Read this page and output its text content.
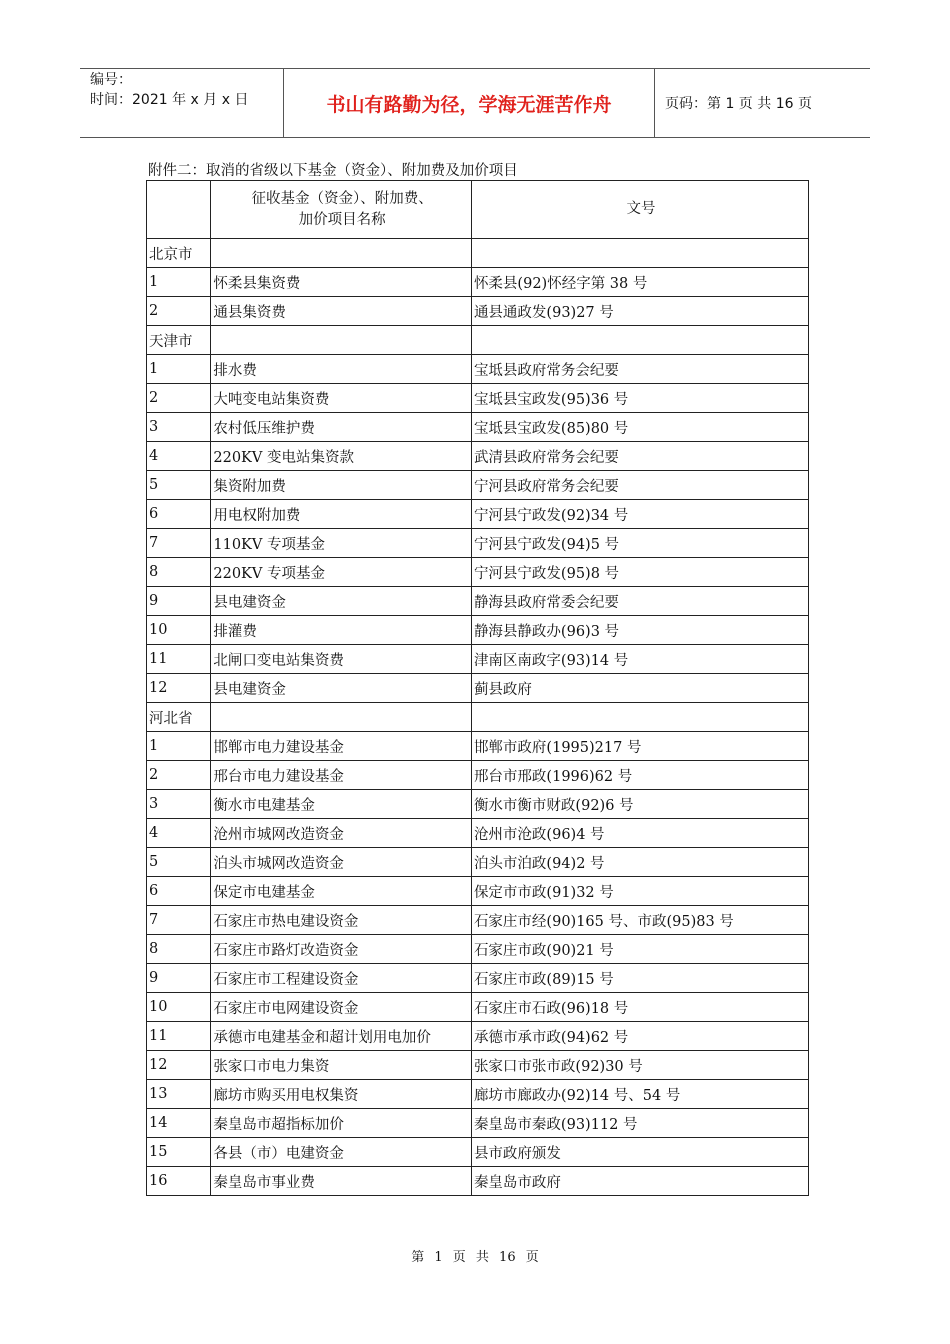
编号：
时间：2021 年 x 月 x 日	书山有路勤为径，学海无涯苦作舟	页码：第 1 页 共 16 页
附件二：取消的省级以下基金（资金）、附加费及加价项目

	征收基金（资金）、附加费、
加价项目名称	文号
北京市		
1	怀柔县集资费	怀柔县(92)怀经字第 38 号
2	通县集资费	通县通政发(93)27 号
天津市		
1	排水费	宝坻县政府常务会纪要
2	大吨变电站集资费	宝坻县宝政发(95)36 号
3	农村低压维护费	宝坻县宝政发(85)80 号
4	220KV 变电站集资款	武清县政府常务会纪要
5	集资附加费	宁河县政府常务会纪要
6	用电权附加费	宁河县宁政发(92)34 号
7	110KV 专项基金	宁河县宁政发(94)5 号
8	220KV 专项基金	宁河县宁政发(95)8 号
9	县电建资金	静海县政府常委会纪要
10	排灌费	静海县静政办(96)3 号
11	北闸口变电站集资费	津南区南政字(93)14 号
12	县电建资金	蓟县政府
河北省		
1	邯郸市电力建设基金	邯郸市政府(1995)217 号
2	邢台市电力建设基金	邢台市邢政(1996)62 号
3	衡水市电建基金	衡水市衡市财政(92)6 号
4	沧州市城网改造资金	沧州市沧政(96)4 号
5	泊头市城网改造资金	泊头市泊政(94)2 号
6	保定市电建基金	保定市市政(91)32 号
7	石家庄市热电建设资金	石家庄市经(90)165 号、市政(95)83 号
8	石家庄市路灯改造资金	石家庄市政(90)21 号
9	石家庄市工程建设资金	石家庄市政(89)15 号
10	石家庄市电网建设资金	石家庄市石政(96)18 号
11	承德市电建基金和超计划用电加价	承德市承市政(94)62 号
12	张家口市电力集资	张家口市张市政(92)30 号
13	廊坊市购买用电权集资	廊坊市廊政办(92)14 号、54 号
14	秦皇岛市超指标加价	秦皇岛市秦政(93)112 号
15	各县（市）电建资金	县市政府颁发
16	秦皇岛市事业费	秦皇岛市政府
第 1 页 共 16 页
